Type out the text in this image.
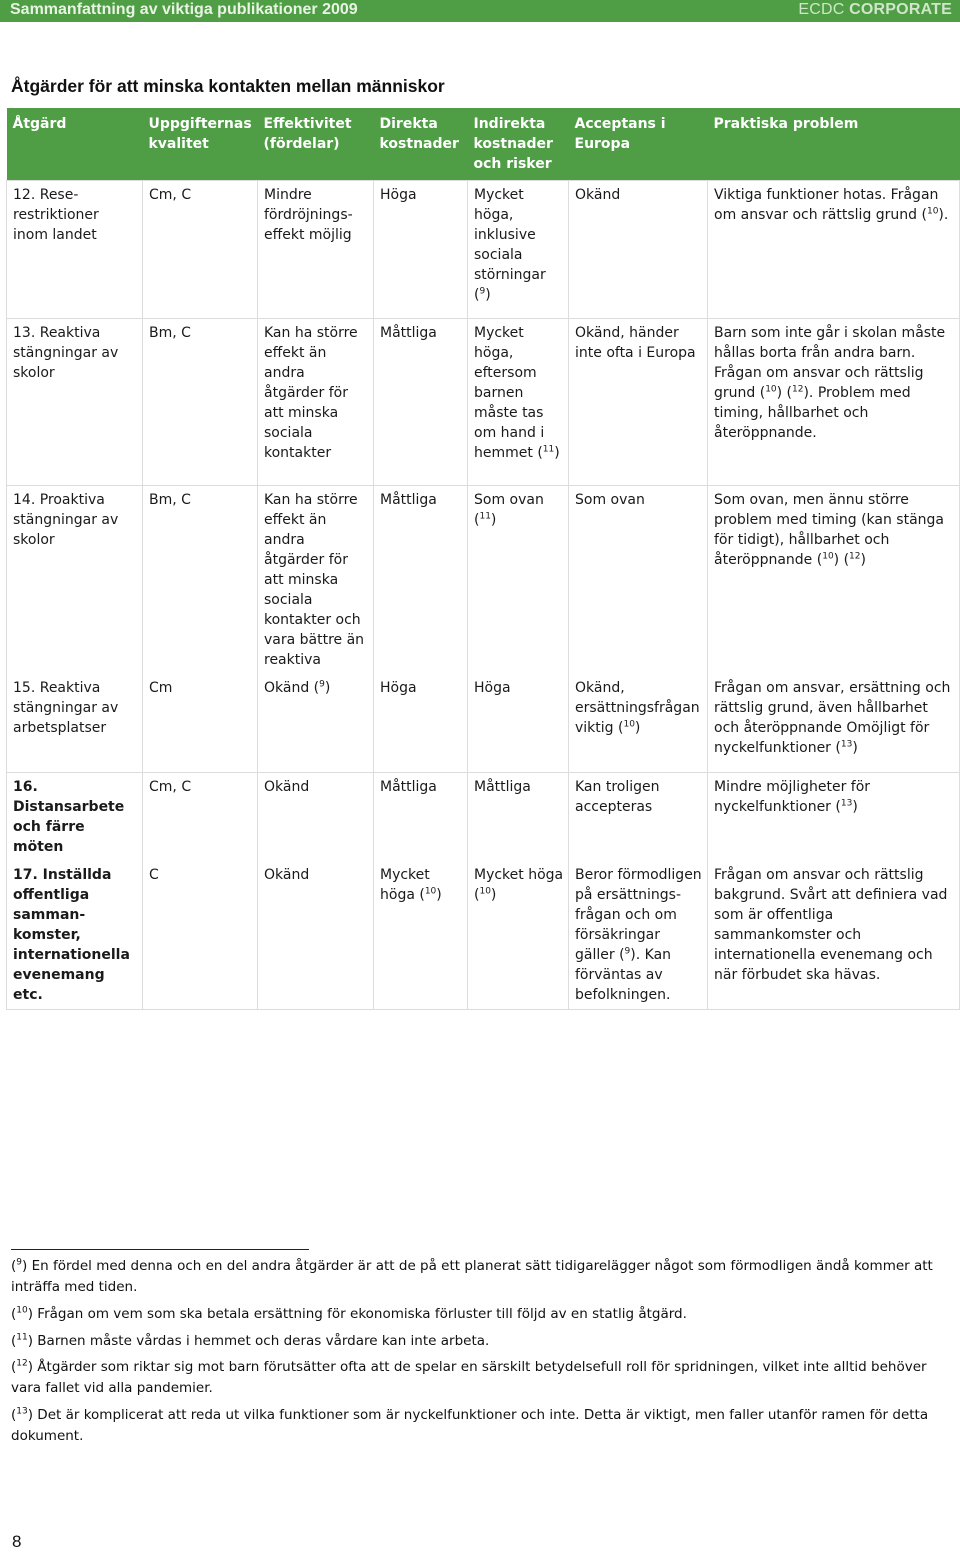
Sammanfattning av viktiga publikationer 2009	ECDC CORPORATE
Åtgärder för att minska kontakten mellan människor
Åtgärd	Uppgifternas kvalitet	Effektivitet (fördelar)	Direkta kostnader	Indirekta kostnader och risker	Acceptans i Europa	Praktiska problem
12. Rese-restriktioner inom landet	Cm, C	Mindre fördröjnings-effekt möjlig	Höga	Mycket höga, inklusive sociala störningar ($^9$)	Okänd	Viktiga funktioner hotas. Frågan om ansvar och rättslig grund ($^{10}$).
13. Reaktiva stängningar av skolor	Bm, C	Kan ha större effekt än andra åtgärder för att minska sociala kontakter	Måttliga	Mycket höga, eftersom barnen måste tas om hand i hemmet ($^{11}$)	Okänd, händer inte ofta i Europa	Barn som inte går i skolan måste hållas borta från andra barn. Frågan om ansvar och rättslig grund ($^{10}$) ($^{12}$). Problem med timing, hållbarhet och återöppnande.
14. Proaktiva stängningar av skolor	Bm, C	Kan ha större effekt än andra åtgärder för att minska sociala kontakter och vara bättre än reaktiva	Måttliga	Som ovan ($^{11}$)	Som ovan	Som ovan, men ännu större problem med timing (kan stänga för tidigt), hållbarhet och återöppnande ($^{10}$) ($^{12}$)
15. Reaktiva stängningar av arbetsplatser	Cm	Okänd ($^9$)	Höga	Höga	Okänd, ersättningsfrågan viktig ($^{10}$)	Frågan om ansvar, ersättning och rättslig grund, även hållbarhet och återöppnande Omöjligt för nyckelfunktioner ($^{13}$)
16. Distansarbete och färre möten	Cm, C	Okänd	Måttliga	Måttliga	Kan troligen accepteras	Mindre möjligheter för nyckelfunktioner ($^{13}$)
17. Inställda offentliga samman-komster, internationella evenemang etc.	C	Okänd	Mycket höga ($^{10}$)	Mycket höga ($^{10}$)	Beror förmodligen på ersättnings-frågan och om försäkringar gäller ($^9$). Kan förväntas av befolkningen.	Frågan om ansvar och rättslig bakgrund. Svårt att definiera vad som är offentliga sammankomster och internationella evenemang och när förbudet ska hävas.
($^9$) En fördel med denna och en del andra åtgärder är att de på ett planerat sätt tidigarelägger något som förmodligen ändå kommer att inträffa med tiden.
($^{10}$) Frågan om vem som ska betala ersättning för ekonomiska förluster till följd av en statlig åtgärd.
($^{11}$) Barnen måste vårdas i hemmet och deras vårdare kan inte arbeta.
($^{12}$) Åtgärder som riktar sig mot barn förutsätter ofta att de spelar en särskilt betydelsefull roll för spridningen, vilket inte alltid behöver vara fallet vid alla pandemier.
($^{13}$) Det är komplicerat att reda ut vilka funktioner som är nyckelfunktioner och inte. Detta är viktigt, men faller utanför ramen för detta dokument.
8
